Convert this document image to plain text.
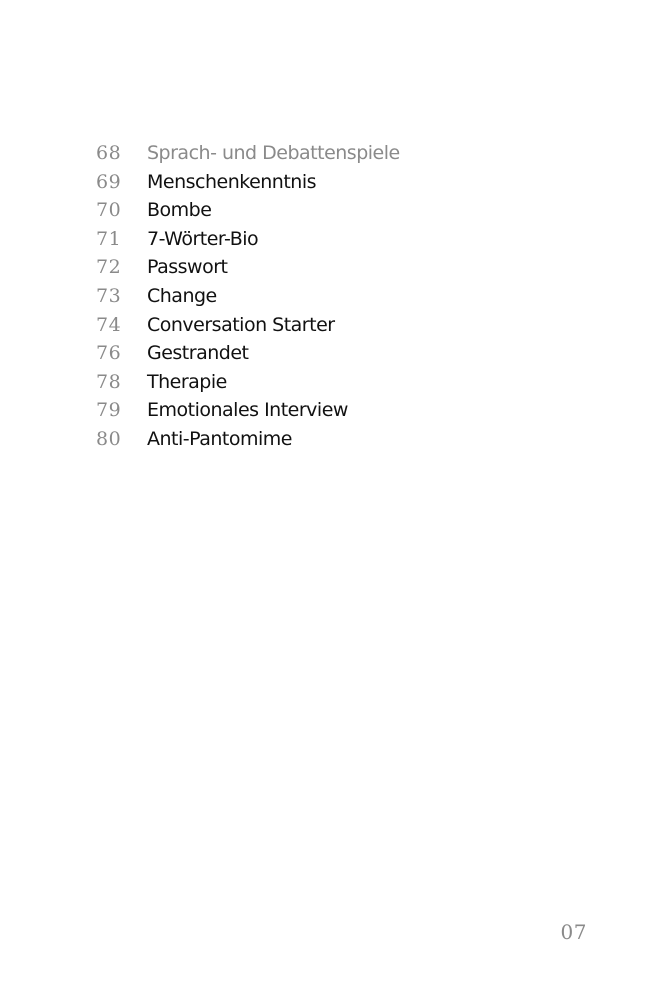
68	Sprach- und Debattenspiele
69	Menschenkenntnis
70	Bombe
71	7-Wörter-Bio
72	Passwort
73	Change
74	Conversation Starter
76	Gestrandet
78	Therapie
79	Emotionales Interview
80	Anti-Pantomime
07
